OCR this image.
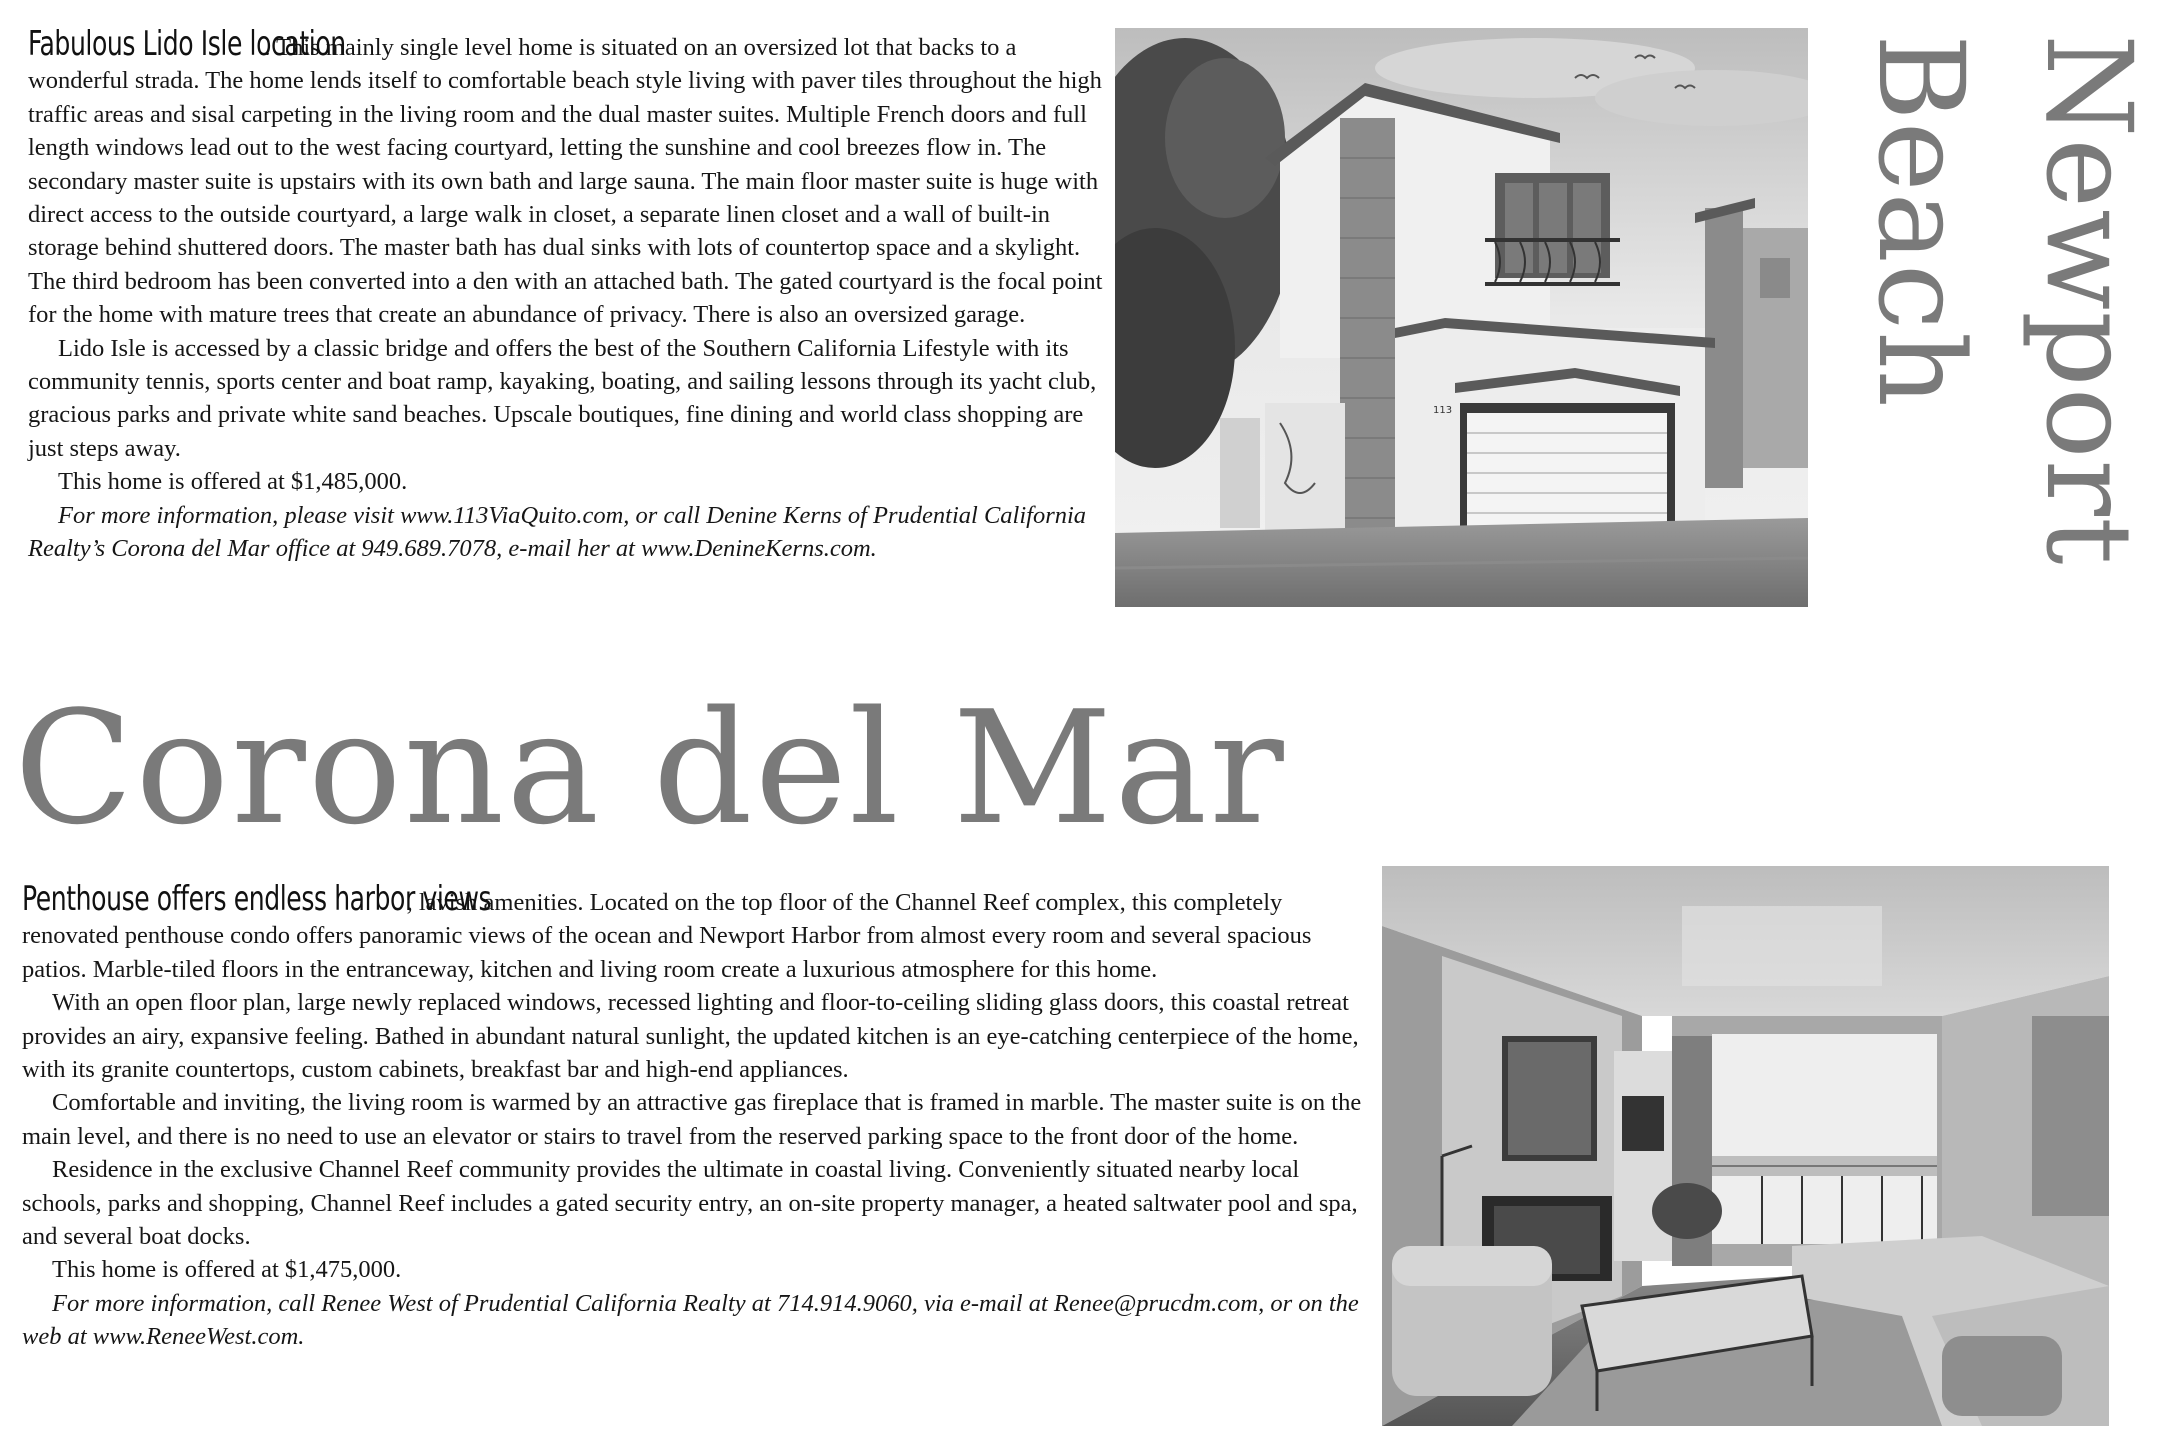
Fabulous Lido Isle location. This mainly single level home is situated on an oversized lot that backs to a wonderful strada. The home lends itself to comfortable beach style living with paver tiles throughout the high traffic areas and sisal carpeting in the living room and the dual master suites. Multiple French doors and full length windows lead out to the west facing courtyard, letting the sunshine and cool breezes flow in. The secondary master suite is upstairs with its own bath and large sauna. The main floor master suite is huge with direct access to the outside courtyard, a large walk in closet, a separate linen closet and a wall of built-in storage behind shuttered doors. The master bath has dual sinks with lots of countertop space and a skylight. The third bedroom has been converted into a den with an attached bath. The gated courtyard is the focal point for the home with mature trees that create an abundance of privacy. There is also an oversized garage.

Lido Isle is accessed by a classic bridge and offers the best of the Southern California Lifestyle with its community tennis, sports center and boat ramp, kayaking, boating, and sailing lessons through its yacht club, gracious parks and private white sand beaches. Upscale boutiques, fine dining and world class shopping are just steps away.

This home is offered at $1,485,000.

For more information, please visit www.113ViaQuito.com, or call Denine Kerns of Prudential California Realty’s Corona del Mar office at 949.689.7078, e-mail her at www.DenineKerns.com.

113	Newport
Beach
Corona del Mar

Penthouse offers endless harbor views, lavish amenities. Located on the top floor of the Channel Reef complex, this completely renovated penthouse condo offers panoramic views of the ocean and Newport Harbor from almost every room and several spacious patios. Marble-tiled floors in the entranceway, kitchen and living room create a luxurious atmosphere for this home.

With an open floor plan, large newly replaced windows, recessed lighting and floor-to-ceiling sliding glass doors, this coastal retreat provides an airy, expansive feeling. Bathed in abundant natural sunlight, the updated kitchen is an eye-catching centerpiece of the home, with its granite countertops, custom cabinets, breakfast bar and high-end appliances.

Comfortable and inviting, the living room is warmed by an attractive gas fireplace that is framed in marble. The master suite is on the main level, and there is no need to use an elevator or stairs to travel from the reserved parking space to the front door of the home.

Residence in the exclusive Channel Reef community provides the ultimate in coastal living. Conveniently situated nearby local schools, parks and shopping, Channel Reef includes a gated security entry, an on-site property manager, a heated saltwater pool and spa, and several boat docks.

This home is offered at $1,475,000.

For more information, call Renee West of Prudential California Realty at 714.914.9060, via e-mail at Renee@prucdm.com, or on the web at www.ReneeWest.com.
